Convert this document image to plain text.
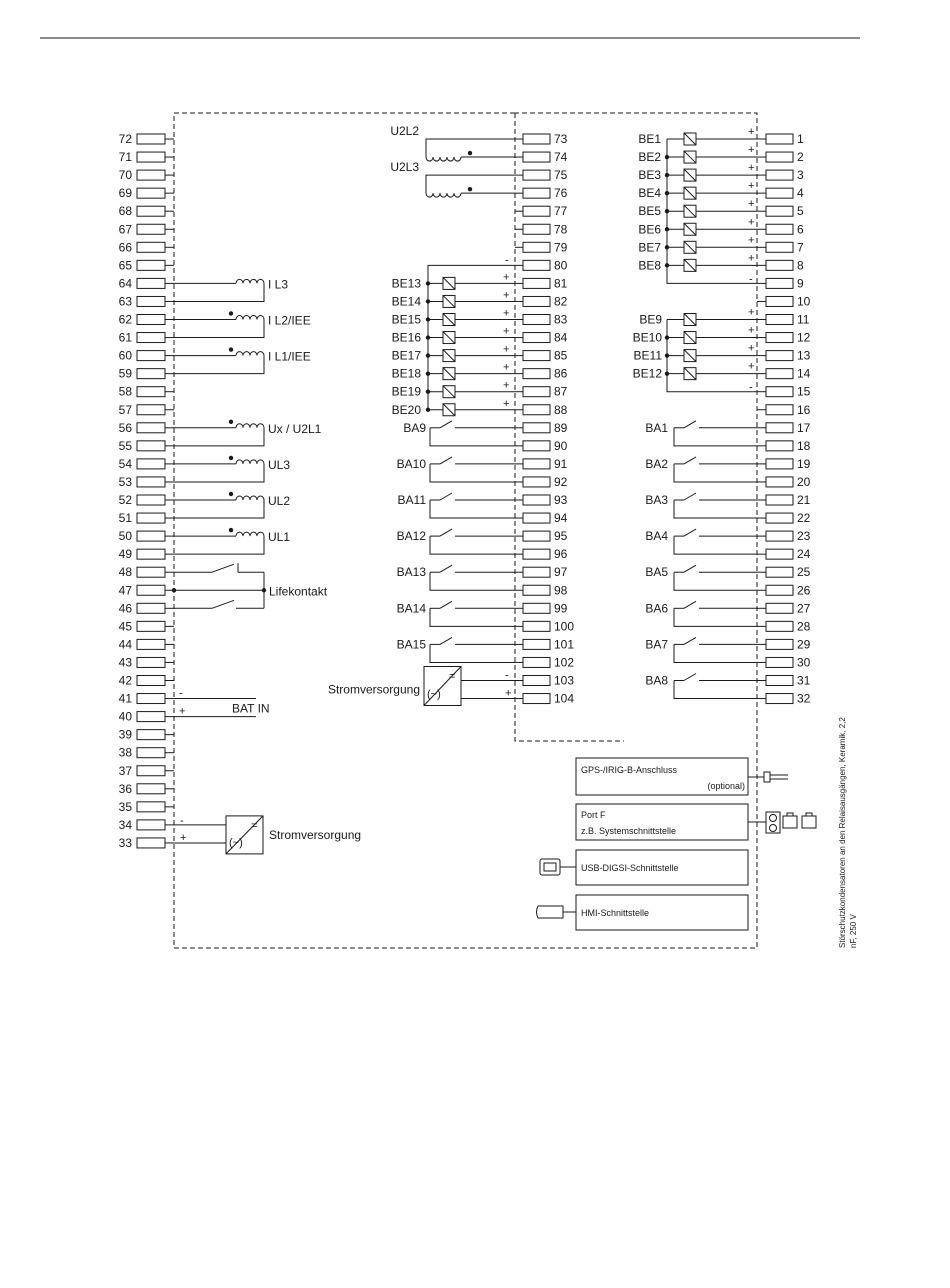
72
71
70
69
68
67
66
65
64
63
62
61
60
59
58
57
56
55
54
53
52
51
50
49
48
47
46
45
44
43
42
41
40
39
38
37
36
35
34
33
73
74
75
76
77
78
79
80
81
82
83
84
85
86
87
88
89
90
91
92
93
94
95
96
97
98
99
100
101
102
103
104
1
2
3
4
5
6
7
8
9
10
11
12
13
14
15
16
17
18
19
20
21
22
23
24
25
26
27
28
29
30
31
32
I L3
I L2/IEE
I L1/IEE
Ux / U2L1
UL3
UL2
UL1
Lifekontakt
-
+	BAT IN
-
+
=
(~)
Stromversorgung
U2L2
U2L3
-
BE13	+
BE14	+
BE15	+
BE16	+
BE17	+
BE18	+
BE19	+
BE20	+
BA9
BA10
BA11
BA12
BA13
BA14
BA15
=
(~)
-
+
Stromversorgung
-
BE1	+
BE2	+
BE3	+
BE4	+
BE5	+
BE6	+
BE7	+
BE8	+
-
BE9	+
BE10	+
BE11	+
BE12	+
BA1
BA2
BA3
BA4
BA5
BA6
BA7
BA8
GPS-/IRIG-B-Anschluss
(optional)
Port F
z.B. Systemschnittstelle
USB-DIGSI-Schnittstelle
HMI-Schnittstelle	Störschutzkondensatoren an den Relaisausgängen, Keramik, 2,2 nF, 250 V
